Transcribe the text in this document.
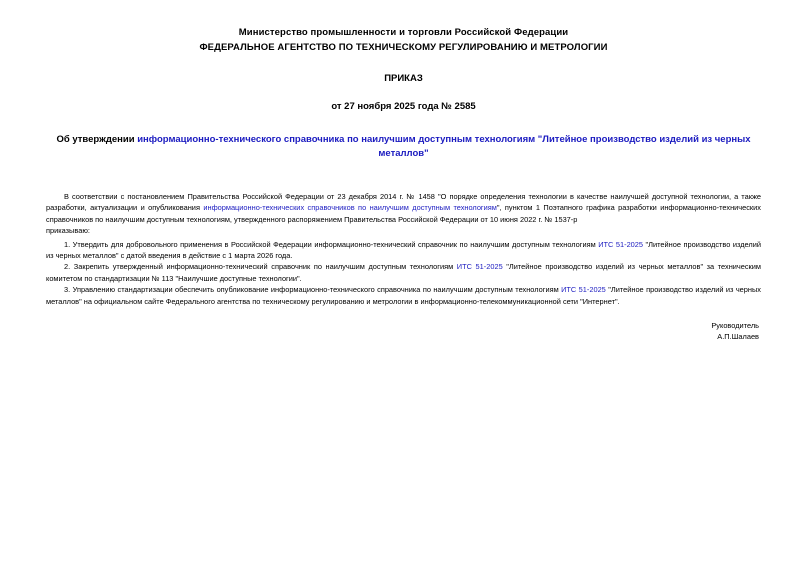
Министерство промышленности и торговли Российской Федерации
ФЕДЕРАЛЬНОЕ АГЕНТСТВО ПО ТЕХНИЧЕСКОМУ РЕГУЛИРОВАНИЮ И МЕТРОЛОГИИ
ПРИКАЗ
от 27 ноября 2025 года № 2585
Об утверждении информационно-технического справочника по наилучшим доступным технологиям "Литейное производство изделий из черных металлов"

В соответствии с постановлением Правительства Российской Федерации от 23 декабря 2014 г. № 1458 "О порядке определения технологии в качестве наилучшей доступной технологии, а также разработки, актуализации и опубликования информационно-технических справочников по наилучшим доступным технологиям", пунктом 1 Поэтапного графика разработки информационно-технических справочников по наилучшим доступным технологиям, утвержденного распоряжением Правительства Российской Федерации от 10 июня 2022 г. № 1537-р

приказываю:

1. Утвердить для добровольного применения в Российской Федерации информационно-технический справочник по наилучшим доступным технологиям ИТС 51-2025 "Литейное производство изделий из черных металлов" с датой введения в действие с 1 марта 2026 года.

2. Закрепить утвержденный информационно-технический справочник по наилучшим доступным технологиям ИТС 51-2025 "Литейное производство изделий из черных металлов" за техническим комитетом по стандартизации № 113 "Наилучшие доступные технологии".

3. Управлению стандартизации обеспечить опубликование информационно-технического справочника по наилучшим доступным технологиям ИТС 51-2025 "Литейное производство изделий из черных металлов" на официальном сайте Федерального агентства по техническому регулированию и метрологии в информационно-телекоммуникационной сети "Интернет".

Руководитель
А.П.Шалаев
